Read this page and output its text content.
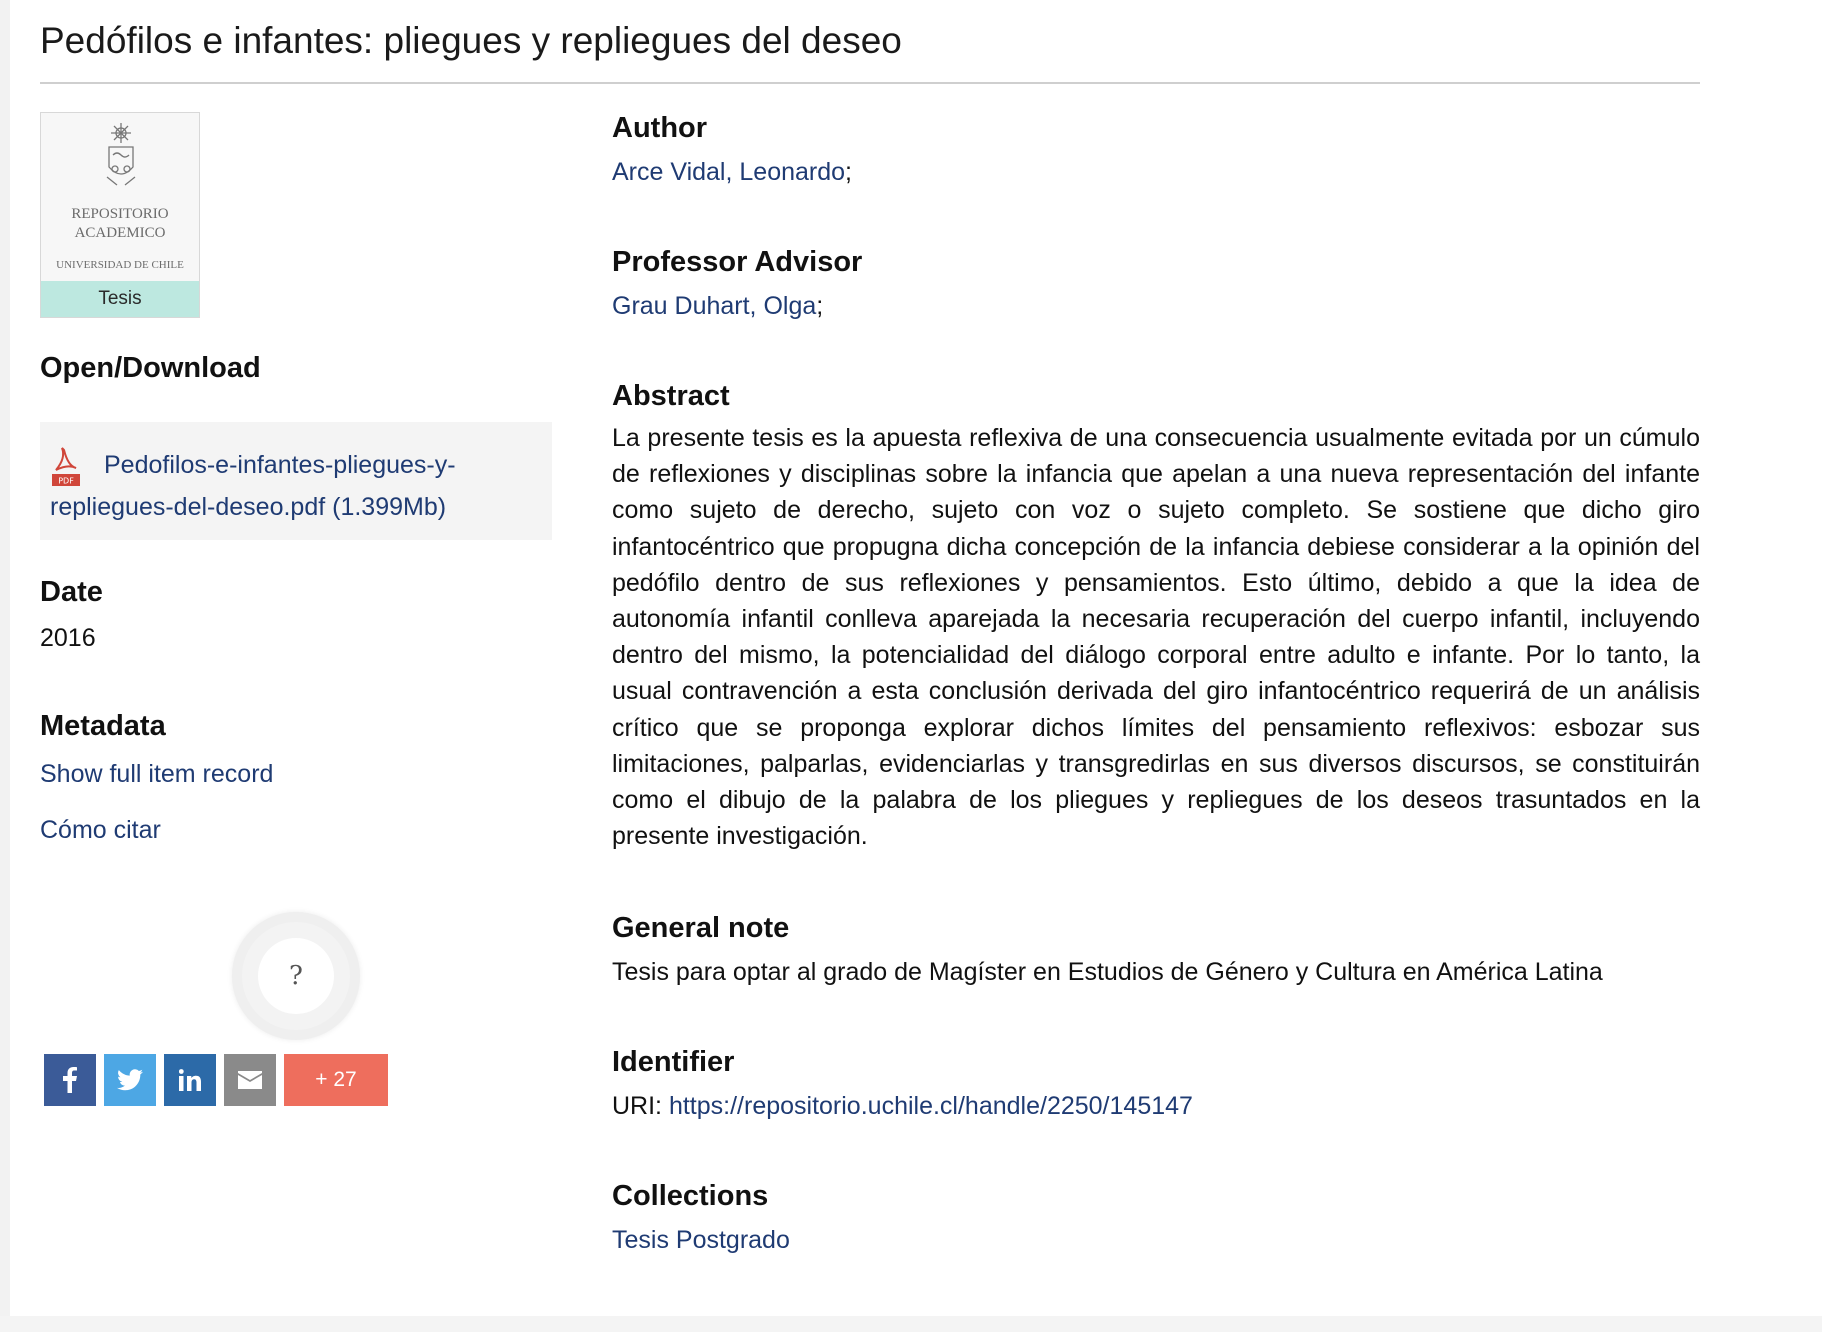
Pedófilos e infantes: pliegues y repliegues del deseo
REPOSITORIO
ACADEMICO
UNIVERSIDAD DE CHILE
Tesis
Open/Download
PDF
Pedofilos-e-infantes-pliegues-y-repliegues-del-deseo.pdf (1.399Mb)
Date
2016
Metadata
Show full item record
Cómo citar
?
+ 27
Author
Arce Vidal, Leonardo;
Professor Advisor
Grau Duhart, Olga;
Abstract

La presente tesis es la apuesta reflexiva de una consecuencia usualmente evitada por un cúmulo de reflexiones y disciplinas sobre la infancia que apelan a una nueva representación del infante como sujeto de derecho, sujeto con voz o sujeto completo. Se sostiene que dicho giro infantocéntrico que propugna dicha concepción de la infancia debiese considerar a la opinión del pedófilo dentro de sus reflexiones y pensamientos. Esto último, debido a que la idea de autonomía infantil conlleva aparejada la necesaria recuperación del cuerpo infantil, incluyendo dentro del mismo, la potencialidad del diálogo corporal entre adulto e infante. Por lo tanto, la usual contravención a esta conclusión derivada del giro infantocéntrico requerirá de un análisis crítico que se proponga explorar dichos límites del pensamiento reflexivos: esbozar sus limitaciones, palparlas, evidenciarlas y transgredirlas en sus diversos discursos, se constituirán como el dibujo de la palabra de los pliegues y repliegues de los deseos trasuntados en la presente investigación.

General note
Tesis para optar al grado de Magíster en Estudios de Género y Cultura en América Latina
Identifier
URI: https://repositorio.uchile.cl/handle/2250/145147
Collections
Tesis Postgrado
